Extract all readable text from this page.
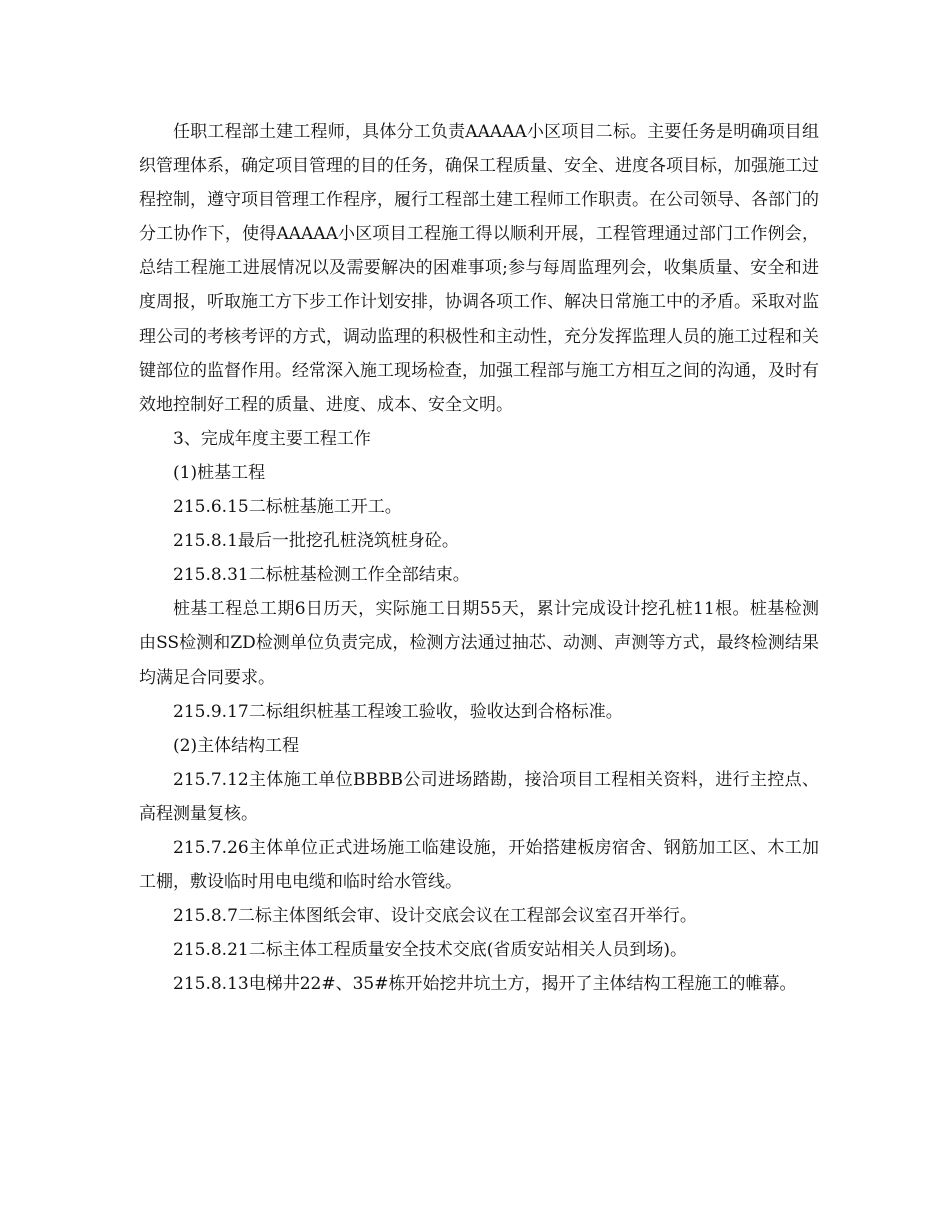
任职工程部土建工程师，具体分工负责AAAAA小区项目二标。主要任务是明确项目组织管理体系，确定项目管理的目的任务，确保工程质量、安全、进度各项目标，加强施工过程控制，遵守项目管理工作程序，履行工程部土建工程师工作职责。在公司领导、各部门的分工协作下，使得AAAAA小区项目工程施工得以顺利开展，工程管理通过部门工作例会，总结工程施工进展情况以及需要解决的困难事项;参与每周监理列会，收集质量、安全和进度周报，听取施工方下步工作计划安排，协调各项工作、解决日常施工中的矛盾。采取对监理公司的考核考评的方式，调动监理的积极性和主动性，充分发挥监理人员的施工过程和关键部位的监督作用。经常深入施工现场检查，加强工程部与施工方相互之间的沟通，及时有效地控制好工程的质量、进度、成本、安全文明。

3、完成年度主要工程工作

(1)桩基工程

215.6.15二标桩基施工开工。

215.8.1最后一批挖孔桩浇筑桩身砼。

215.8.31二标桩基检测工作全部结束。

桩基工程总工期6日历天，实际施工日期55天，累计完成设计挖孔桩11根。桩基检测由SS检测和ZD检测单位负责完成，检测方法通过抽芯、动测、声测等方式，最终检测结果均满足合同要求。

215.9.17二标组织桩基工程竣工验收，验收达到合格标准。

(2)主体结构工程

215.7.12主体施工单位BBBB公司进场踏勘，接洽项目工程相关资料，进行主控点、高程测量复核。

215.7.26主体单位正式进场施工临建设施，开始搭建板房宿舍、钢筋加工区、木工加工棚，敷设临时用电电缆和临时给水管线。

215.8.7二标主体图纸会审、设计交底会议在工程部会议室召开举行。

215.8.21二标主体工程质量安全技术交底(省质安站相关人员到场)。

215.8.13电梯井22#、35#栋开始挖井坑土方，揭开了主体结构工程施工的帷幕。
